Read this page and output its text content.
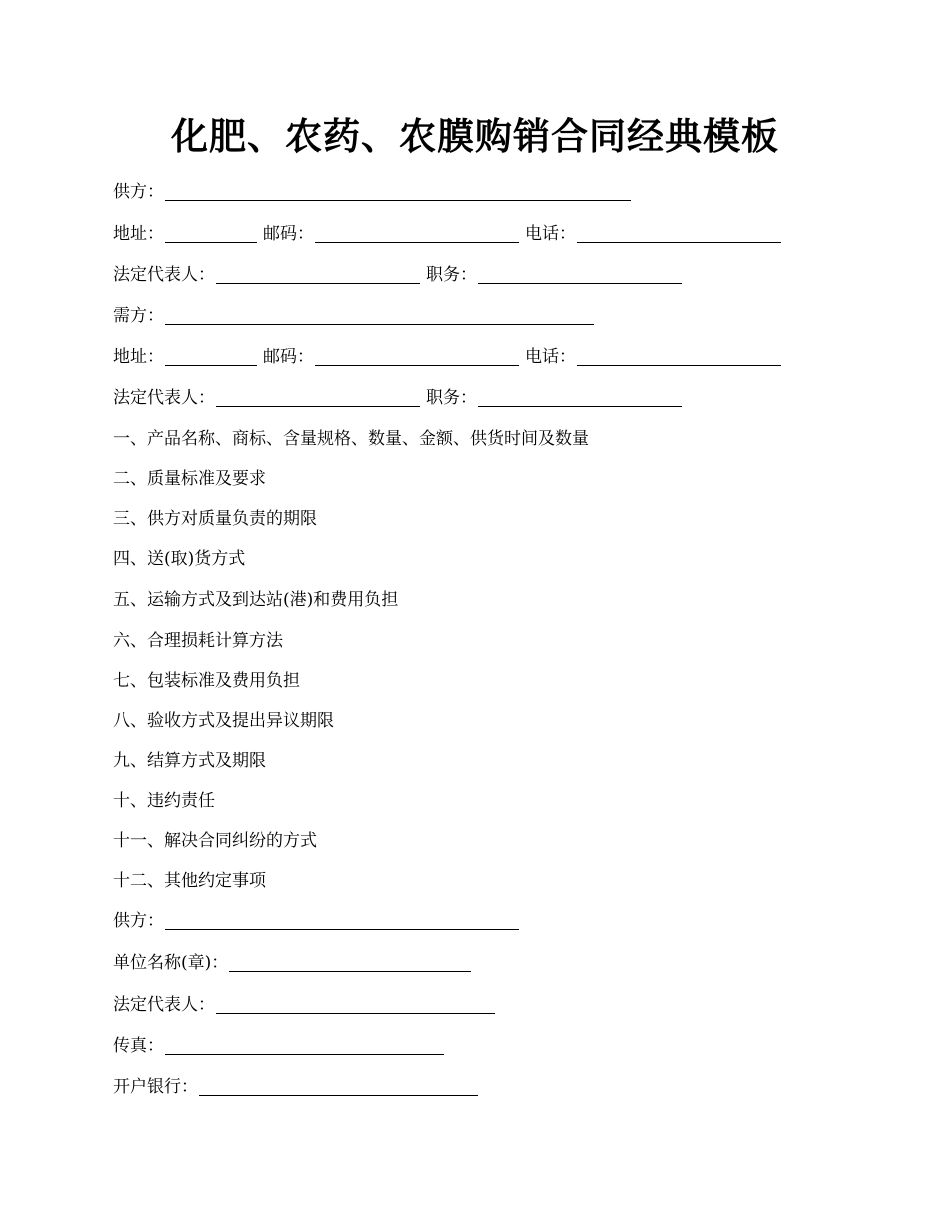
化肥、农药、农膜购销合同经典模板
供方：
地址：	邮码：	电话：
法定代表人：	职务：
需方：
地址：	邮码：	电话：
法定代表人：	职务：
一、产品名称、商标、含量规格、数量、金额、供货时间及数量
二、质量标准及要求
三、供方对质量负责的期限
四、送(取)货方式
五、运输方式及到达站(港)和费用负担
六、合理损耗计算方法
七、包装标准及费用负担
八、验收方式及提出异议期限
九、结算方式及期限
十、违约责任
十一、解决合同纠纷的方式
十二、其他约定事项
供方：
单位名称(章)：
法定代表人：
传真：
开户银行：
